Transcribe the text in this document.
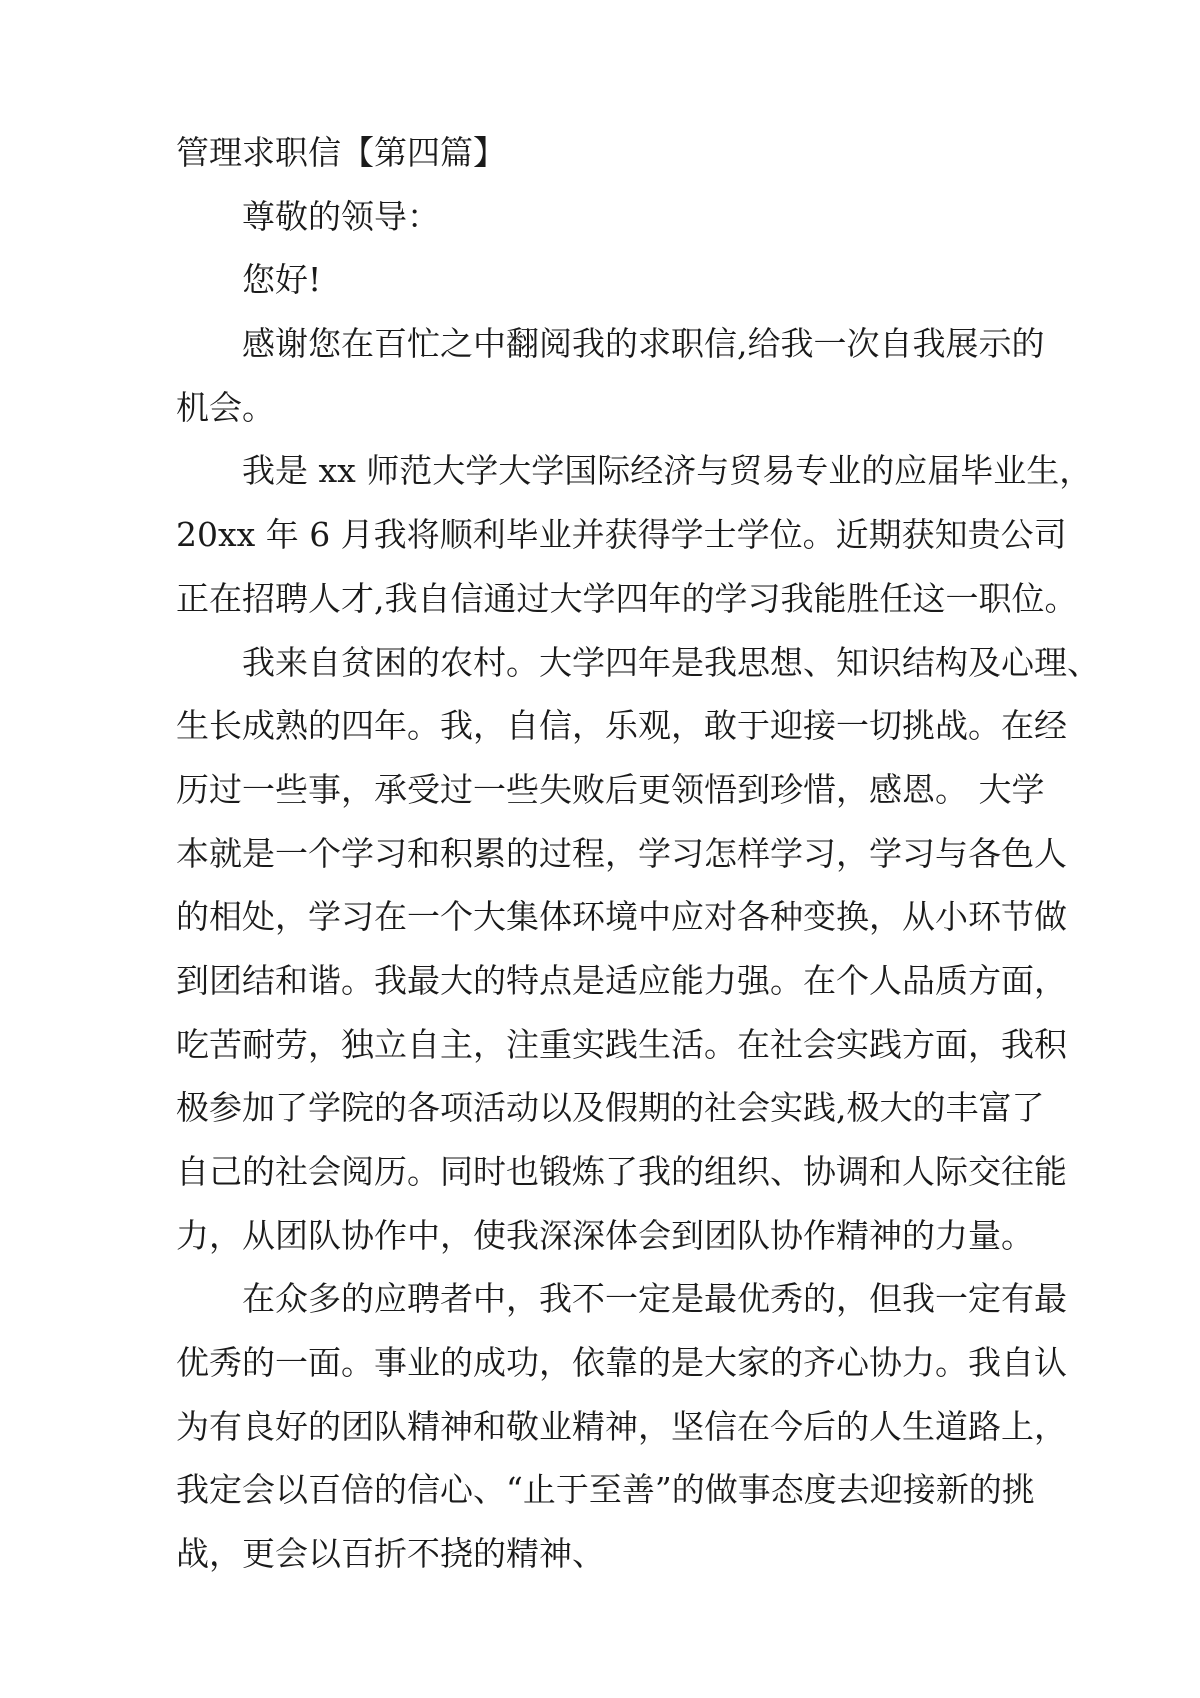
管理求职信【第四篇】
尊敬的领导：
您好!
感谢您在百忙之中翻阅我的求职信,给我一次自我展示的
机会。
我是 xx 师范大学大学国际经济与贸易专业的应届毕业生，
20xx 年 6 月我将顺利毕业并获得学士学位。近期获知贵公司
正在招聘人才,我自信通过大学四年的学习我能胜任这一职位。
我来自贫困的农村。大学四年是我思想、知识结构及心理、
生长成熟的四年。我，自信，乐观，敢于迎接一切挑战。在经
历过一些事，承受过一些失败后更领悟到珍惜，感恩。 大学
本就是一个学习和积累的过程，学习怎样学习，学习与各色人
的相处，学习在一个大集体环境中应对各种变换，从小环节做
到团结和谐。我最大的特点是适应能力强。在个人品质方面，
吃苦耐劳，独立自主，注重实践生活。在社会实践方面，我积
极参加了学院的各项活动以及假期的社会实践,极大的丰富了
自己的社会阅历。同时也锻炼了我的组织、协调和人际交往能
力，从团队协作中，使我深深体会到团队协作精神的力量。
在众多的应聘者中，我不一定是最优秀的，但我一定有最
优秀的一面。事业的成功，依靠的是大家的齐心协力。我自认
为有良好的团队精神和敬业精神，坚信在今后的人生道路上，
我定会以百倍的信心、“止于至善”的做事态度去迎接新的挑
战，更会以百折不挠的精神、
